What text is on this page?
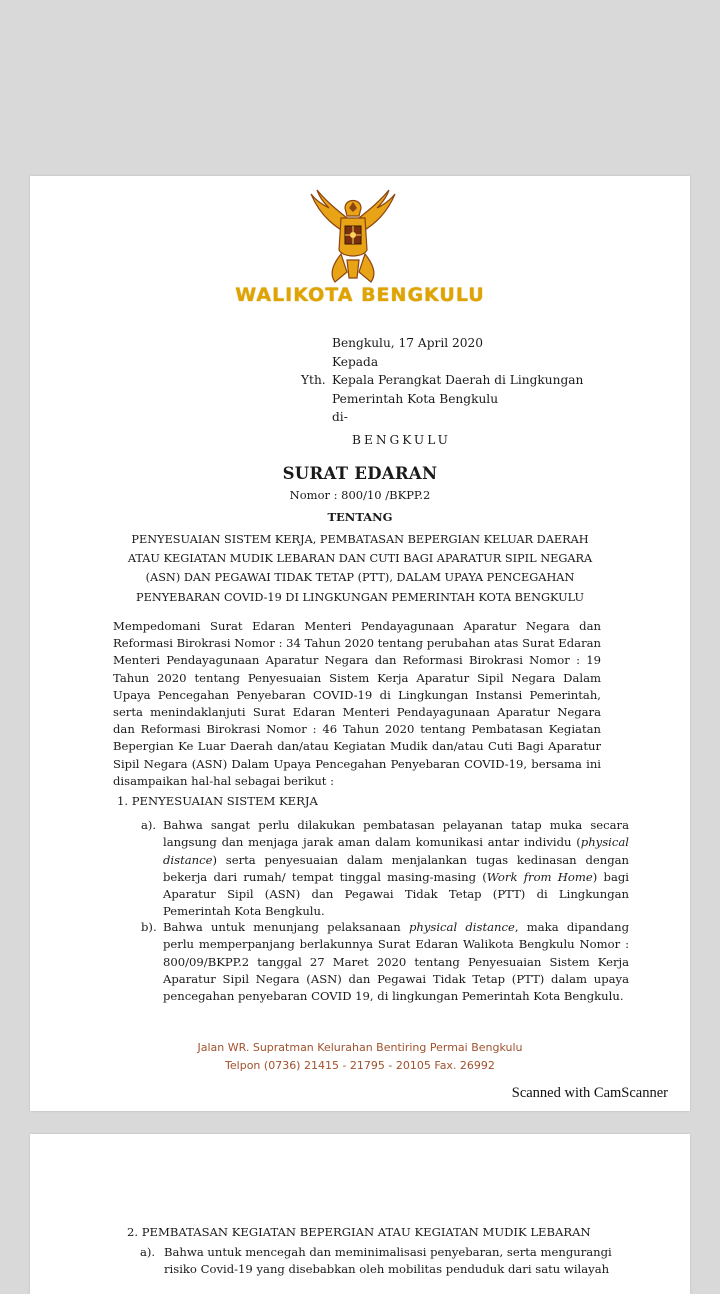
WALIKOTA BENGKULU
Bengkulu, 17 April 2020
Kepada
Yth. Kepala Perangkat Daerah di Lingkungan
Pemerintah Kota Bengkulu
di-
BENGKULU
SURAT EDARAN
Nomor : 800/10 /BKPP.2
TENTANG
PENYESUAIAN SISTEM KERJA, PEMBATASAN BEPERGIAN KELUAR DAERAH
ATAU KEGIATAN MUDIK LEBARAN DAN CUTI BAGI APARATUR SIPIL NEGARA
(ASN) DAN PEGAWAI TIDAK TETAP (PTT), DALAM UPAYA PENCEGAHAN
PENYEBARAN COVID-19 DI LINGKUNGAN PEMERINTAH KOTA BENGKULU
Mempedomani Surat Edaran Menteri Pendayagunaan Aparatur Negara dan Reformasi Birokrasi Nomor : 34 Tahun 2020 tentang perubahan atas Surat Edaran Menteri Pendayagunaan Aparatur Negara dan Reformasi Birokrasi Nomor : 19 Tahun 2020 tentang Penyesuaian Sistem Kerja Aparatur Sipil Negara Dalam Upaya Pencegahan Penyebaran COVID-19 di Lingkungan Instansi Pemerintah, serta menindaklanjuti Surat Edaran Menteri Pendayagunaan Aparatur Negara dan Reformasi Birokrasi Nomor : 46 Tahun 2020 tentang Pembatasan Kegiatan Bepergian Ke Luar Daerah dan/atau Kegiatan Mudik dan/atau Cuti Bagi Aparatur Sipil Negara (ASN) Dalam Upaya Pencegahan Penyebaran COVID-19, bersama ini disampaikan hal-hal sebagai berikut :
1. PENYESUAIAN SISTEM KERJA
a). Bahwa sangat perlu dilakukan pembatasan pelayanan tatap muka secara langsung dan menjaga jarak aman dalam komunikasi antar individu (physical distance) serta penyesuaian dalam menjalankan tugas kedinasan dengan bekerja dari rumah/ tempat tinggal masing-masing (Work from Home) bagi Aparatur Sipil (ASN) dan Pegawai Tidak Tetap (PTT) di Lingkungan Pemerintah Kota Bengkulu.
b). Bahwa untuk menunjang pelaksanaan physical distance, maka dipandang perlu memperpanjang berlakunnya Surat Edaran Walikota Bengkulu Nomor : 800/09/BKPP.2 tanggal 27 Maret 2020 tentang Penyesuaian Sistem Kerja Aparatur Sipil Negara (ASN) dan Pegawai Tidak Tetap (PTT) dalam upaya pencegahan penyebaran COVID 19, di lingkungan Pemerintah Kota Bengkulu.
Jalan WR. Supratman Kelurahan Bentiring Permai Bengkulu
Telpon (0736) 21415 - 21795 - 20105 Fax. 26992
Scanned with CamScanner
2. PEMBATASAN KEGIATAN BEPERGIAN ATAU KEGIATAN MUDIK LEBARAN
a). Bahwa untuk mencegah dan meminimalisasi penyebaran, serta mengurangi risiko Covid-19 yang disebabkan oleh mobilitas penduduk dari satu wilayah
